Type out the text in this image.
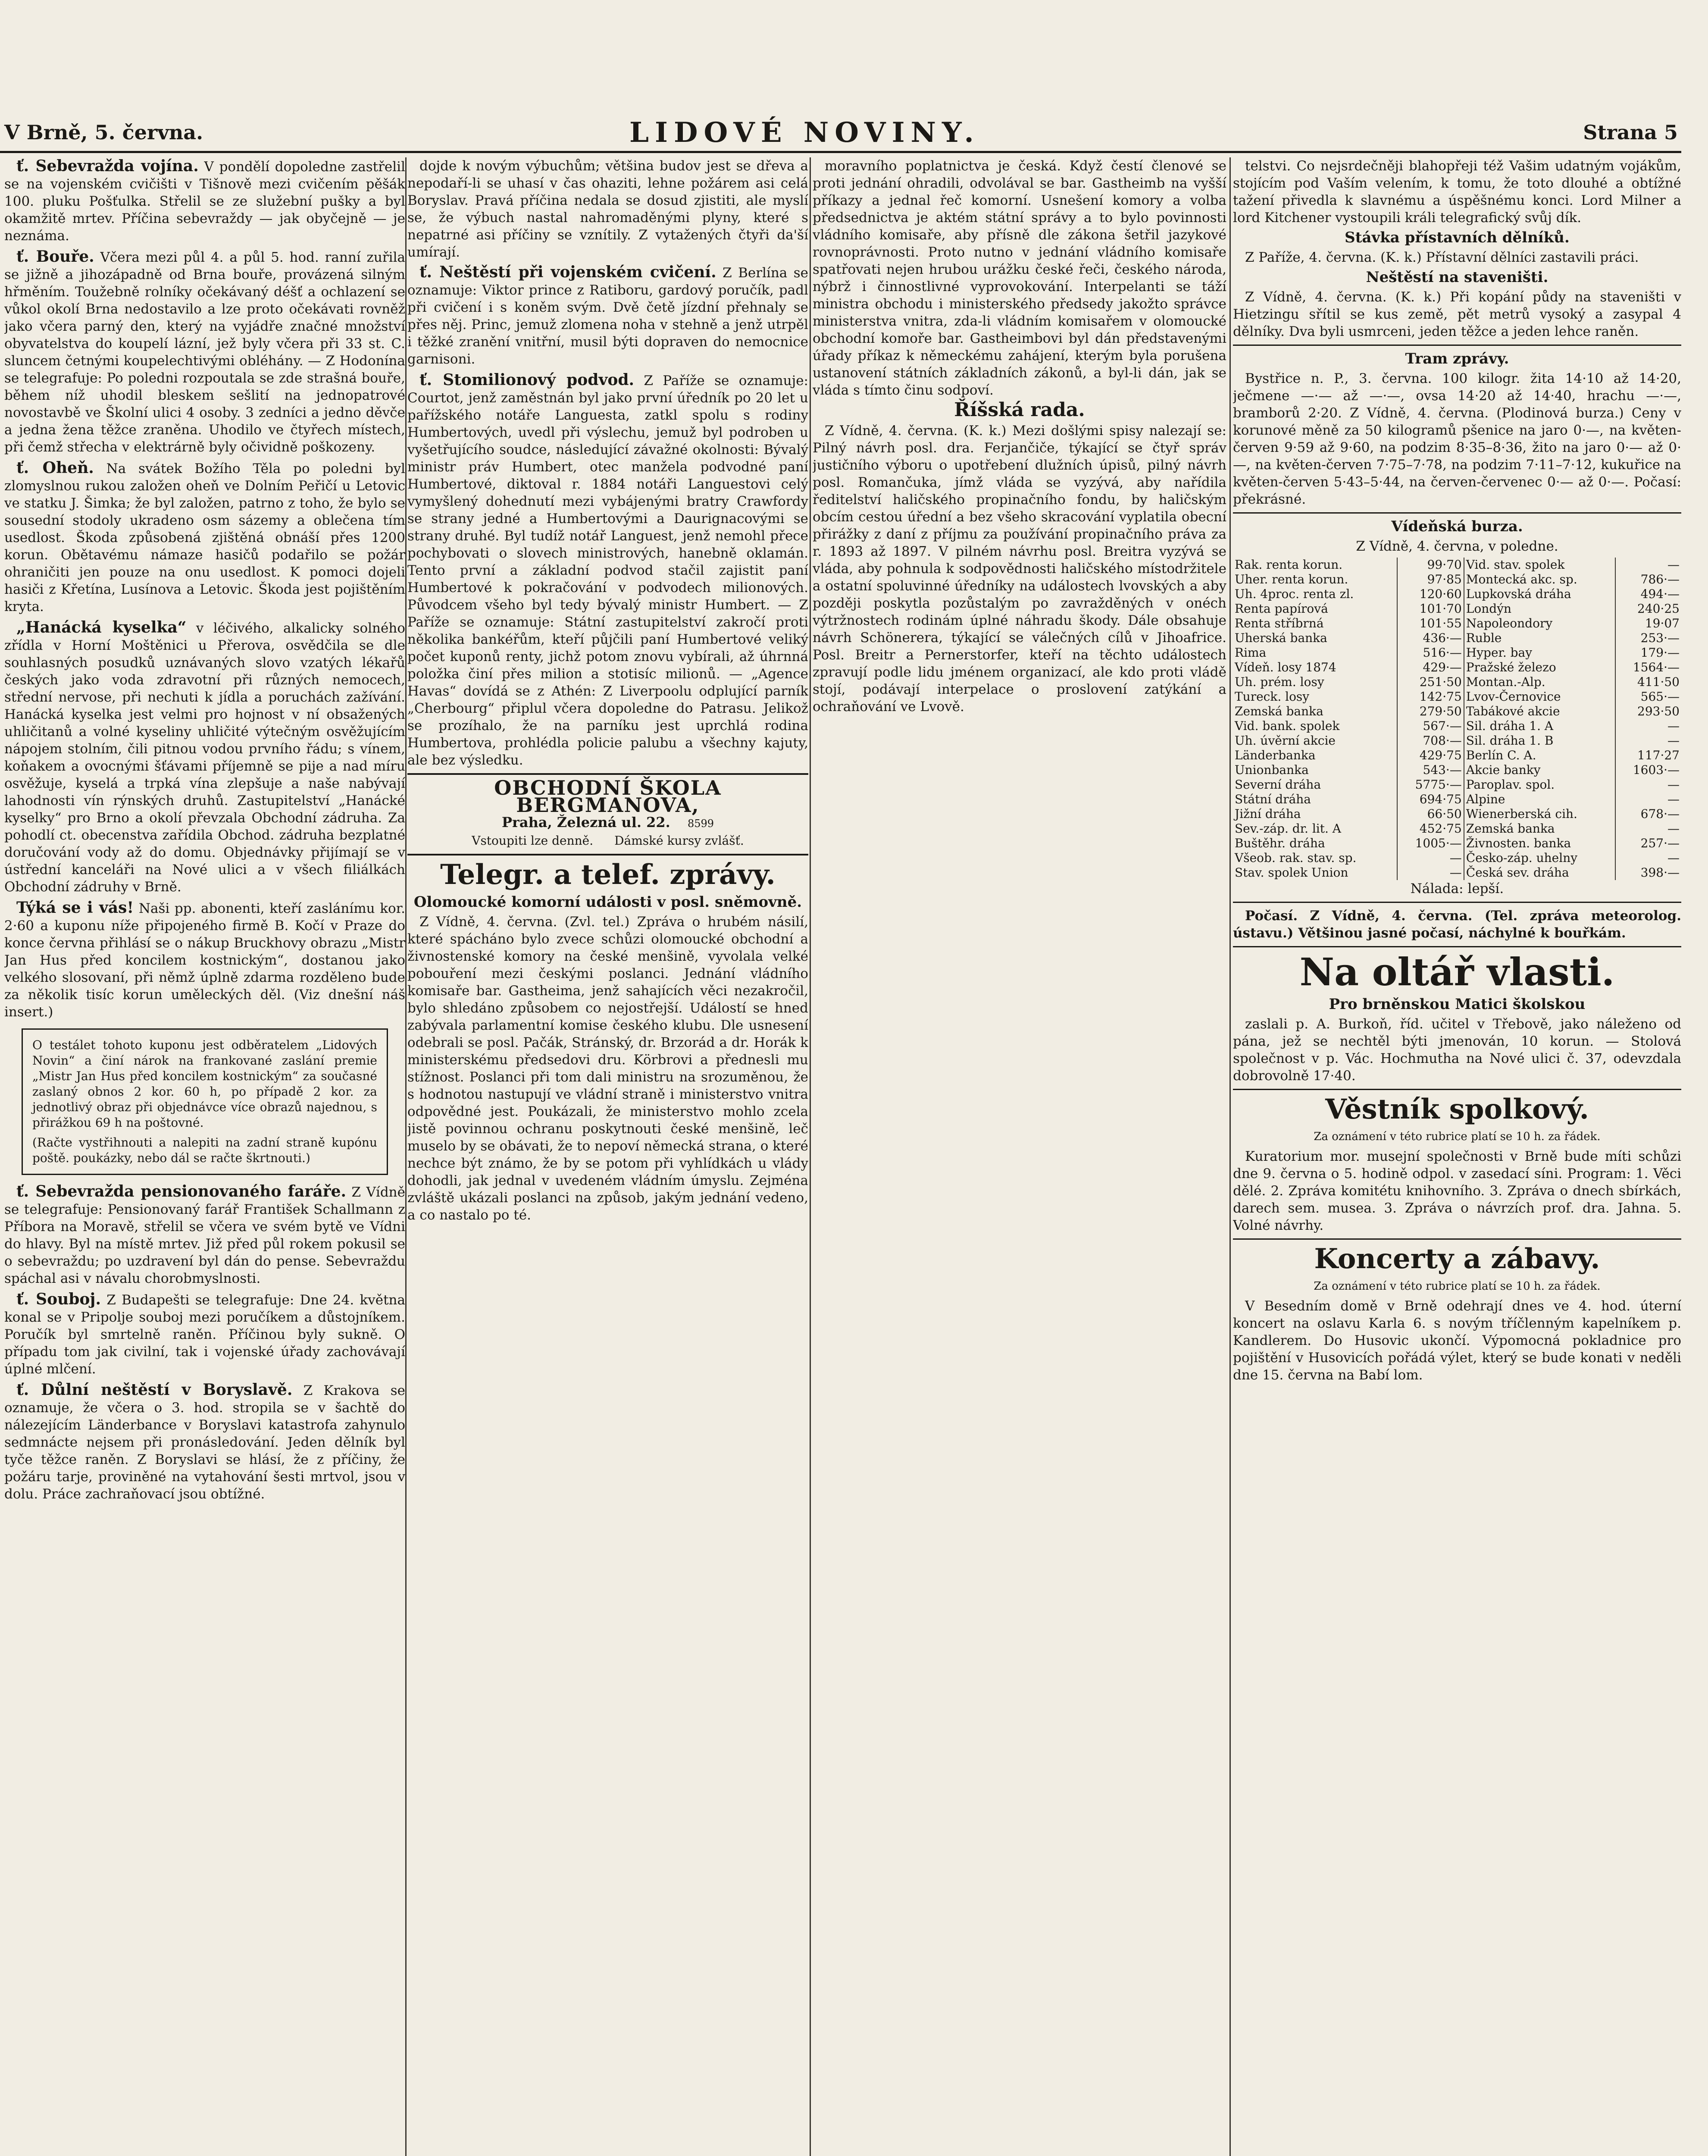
V Brně, 5. června.	LIDOVÉ NOVINY.	Strana 5

ť. Sebevražda vojína. V pondělí dopoledne zastřelil se na vojenském cvičišti v Tišnově mezi cvičením pěšák 100. pluku Pošťulka. Střelil se ze služební pušky a byl okamžitě mrtev. Příčina sebevraždy — jak obyčejně — je neznáma.

ť. Bouře. Včera mezi půl 4. a půl 5. hod. ranní zuřila se jižně a jihozápadně od Brna bouře, provázená silným hřměním. Toužebně rolníky očekávaný déšť a ochlazení se vůkol okolí Brna nedostavilo a lze proto očekávati rovněž jako včera parný den, který na vyjádře značné množství obyvatelstva do koupelí lázní, jež byly včera při 33 st. C. sluncem četnými koupelechtivými obléhány. — Z Hodonína se telegrafuje: Po poledni rozpoutala se zde strašná bouře, během níž uhodil bleskem sešlití na jednopatrové novostavbě ve Školní ulici 4 osoby. 3 zedníci a jedno děvče a jedna žena těžce zraněna. Uhodilo ve čtyřech místech, při čemž střecha v elektrárně byly očividně poškozeny.

ť. Oheň. Na svátek Božího Těla po poledni byl zlomyslnou rukou založen oheň ve Dolním Peřičí u Letovic ve statku J. Šimka; že byl založen, patrno z toho, že bylo se sousední stodoly ukradeno osm sázemy a oblečena tím usedlost. Škoda způsobená zjištěná obnáší přes 1200 korun. Obětavému námaze hasičů podařilo se požár ohraničiti jen pouze na onu usedlost. K pomoci dojeli hasiči z Křetína, Lusínova a Letovic. Škoda jest pojištěním kryta.

„Hanácká kyselka“ v léčivého, alkalicky solného zřídla v Horní Moštěnici u Přerova, osvědčila se dle souhlasných posudků uznávaných slovo vzatých lékařů českých jako voda zdravotní při různých nemocech, střední nervose, při nechuti k jídla a poruchách zažívání. Hanácká kyselka jest velmi pro hojnost v ní obsažených uhličitanů a volné kyseliny uhličité výtečným osvěžujícím nápojem stolním, čili pitnou vodou prvního řádu; s vínem, koňakem a ovocnými šťávami příjemně se pije a nad míru osvěžuje, kyselá a trpká vína zlepšuje a naše nabývají lahodnosti vín rýnských druhů. Zastupitelství „Hanácké kyselky“ pro Brno a okolí převzala Obchodní zádruha. Za pohodlí ct. obecenstva zařídila Obchod. zádruha bezplatné doručování vody až do domu. Objednávky přijímají se v ústřední kanceláři na Nové ulici a v všech filiálkách Obchodní zádruhy v Brně.

Týká se i vás! Naši pp. abonenti, kteří zaslánímu kor. 2·60 a kuponu níže připojeného firmě B. Kočí v Praze do konce června přihlásí se o nákup Bruckhovy obrazu „Mistr Jan Hus před koncilem kostnickým“, dostanou jako velkého slosovaní, při němž úplně zdarma rozděleno bude za několik tisíc korun uměleckých děl. (Viz dnešní náš insert.)

O testálet tohoto kuponu jest odběratelem „Lidových Novin“ a činí nárok na frankované zaslání premie „Mistr Jan Hus před koncilem kostnickým“ za současné zaslaný obnos 2 kor. 60 h, po případě 2 kor. za jednotlivý obraz při objednávce více obrazů najednou, s přirážkou 69 h na poštovné.
(Račte vystřihnouti a nalepiti na zadní straně kupónu poště. poukázky, nebo dál se račte škrtnouti.)

ť. Sebevražda pensionovaného faráře. Z Vídně se telegrafuje: Pensionovaný farář František Schallmann z Příbora na Moravě, střelil se včera ve svém bytě ve Vídni do hlavy. Byl na místě mrtev. Již před půl rokem pokusil se o sebevraždu; po uzdravení byl dán do pense. Sebevraždu spáchal asi v návalu chorobmyslnosti.

ť. Souboj. Z Budapešti se telegrafuje: Dne 24. května konal se v Pripolje souboj mezi poručíkem a důstojníkem. Poručík byl smrtelně raněn. Příčinou byly sukně. O případu tom jak civilní, tak i vojenské úřady zachovávají úplné mlčení.

ť. Důlní neštěstí v Boryslavě. Z Krakova se oznamuje, že včera o 3. hod. stropila se v šachtě do nálezejícím Länderbance v Boryslavi katastrofa zahynulo sedmnácte nejsem při pronásledování. Jeden dělník byl tyče těžce raněn. Z Boryslavi se hlásí, že z příčiny, že požáru tarje, proviněné na vytahování šesti mrtvol, jsou v dolu. Práce zachraňovací jsou obtížné.

dojde k novým výbuchům; většina budov jest se dřeva a nepodaří-li se uhasí v čas ohaziti, lehne požárem asi celá Boryslav. Pravá příčina nedala se dosud zjistiti, ale myslí se, že výbuch nastal nahromaděnými plyny, které s nepatrné asi příčiny se vznítily. Z vytažených čtyři da'ší umírají.

ť. Neštěstí při vojenském cvičení. Z Berlína se oznamuje: Viktor prince z Ratiboru, gardový poručík, padl při cvičení i s koněm svým. Dvě četě jízdní přehnaly se přes něj. Princ, jemuž zlomena noha v stehně a jenž utrpěl i těžké zranění vnitřní, musil býti dopraven do nemocnice garnisoni.

ť. Stomilionový podvod. Z Paříže se oznamuje: Courtot, jenž zaměstnán byl jako první úředník po 20 let u pařížského notáře Languesta, zatkl spolu s rodiny Humbertových, uvedl při výslechu, jemuž byl podroben u vyšetřujícího soudce, následující závažné okolnosti: Bývalý ministr práv Humbert, otec manžela podvodné paní Humbertové, diktoval r. 1884 notáři Languestovi celý vymyšlený dohednutí mezi vybájenými bratry Crawfordy se strany jedné a Humbertovými a Daurignacovými se strany druhé. Byl tudíž notář Languest, jenž nemohl přece pochybovati o slovech ministrových, hanebně oklamán. Tento první a základní podvod stačil zajistit paní Humbertové k pokračování v podvodech milionových. Původcem všeho byl tedy bývalý ministr Humbert. — Z Paříže se oznamuje: Státní zastupitelství zakročí proti několika bankéřům, kteří půjčili paní Humbertové veliký počet kuponů renty, jichž potom znovu vybírali, až úhrnná položka činí přes milion a stotisíc milionů. — „Agence Havas“ dovídá se z Athén: Z Liverpoolu odplující parník „Cherbourg“ připlul včera dopoledne do Patrasu. Jelikož se prozíhalo, že na parníku jest uprchlá rodina Humbertova, prohlédla policie palubu a všechny kajuty, ale bez výsledku.

OBCHODNÍ ŠKOLA BERGMANOVA,
Praha, Železná ul. 22. 8599
Vstoupiti lze denně. Dámské kursy zvlášť.
Telegr. a telef. zprávy.
Olomoucké komorní události v posl. sněmovně.

Z Vídně, 4. června. (Zvl. tel.) Zpráva o hrubém násilí, které spácháno bylo zvece schůzi olomoucké obchodní a živnostenské komory na české menšině, vyvolala velké pobouření mezi českými poslanci. Jednání vládního komisaře bar. Gastheima, jenž sahajících věci nezakročil, bylo shledáno způsobem co nejostřejší. Událostí se hned zabývala parlamentní komise českého klubu. Dle usnesení odebrali se posl. Pačák, Stránský, dr. Brzorád a dr. Horák k ministerskému předsedovi dru. Körbrovi a přednesli mu stížnost. Poslanci při tom dali ministru na srozuměnou, že s hodnotou nastupují ve vládní straně i ministerstvo vnitra odpovědné jest. Poukázali, že ministerstvo mohlo zcela jistě povinnou ochranu poskytnouti české menšině, leč muselo by se obávati, že to nepoví německá strana, o které nechce být známo, že by se potom při vyhlídkách u vlády dohodli, jak jednal v uvedeném vládním úmyslu. Zejména zvláště ukázali poslanci na způsob, jakým jednání vedeno, a co nastalo po té.

moravního poplatnictva je česká. Když čestí členové se proti jednání ohradili, odvolával se bar. Gastheimb na vyšší příkazy a jednal řeč komorní. Usnešení komory a volba předsednictva je aktém státní správy a to bylo povinnosti vládního komisaře, aby přísně dle zákona šetřil jazykové rovnoprávnosti. Proto nutno v jednání vládního komisaře spatřovati nejen hrubou urážku české řeči, českého národa, nýbrž i činnostlivné vyprovokování. Interpelanti se táží ministra obchodu i ministerského předsedy jakožto správce ministerstva vnitra, zda-li vládním komisařem v olomoucké obchodní komoře bar. Gastheimbovi byl dán představenými úřady příkaz k německému zahájení, kterým byla porušena ustanovení státních základních zákonů, a byl-li dán, jak se vláda s tímto činu sodpoví.

Říšská rada.

Z Vídně, 4. června. (K. k.) Mezi došlými spisy nalezají se: Pilný návrh posl. dra. Ferjančiče, týkající se čtyř správ justičního výboru o upotřebení dlužních úpisů, pilný návrh posl. Romančuka, jímž vláda se vyzývá, aby nařídila ředitelství haličského propinačního fondu, by haličským obcím cestou úřední a bez všeho skracování vyplatila obecní přirážky z daní z příjmu za používání propinačního práva za r. 1893 až 1897. V pilném návrhu posl. Breitra vyzývá se vláda, aby pohnula k sodpovědnosti haličského místodržitele a ostatní spoluvinné úředníky na událostech lvovských a aby později poskytla pozůstalým po zavražděných v onéch výtržnostech rodinám úplné náhradu škody. Dále obsahuje návrh Schönerera, týkající se válečných cílů v Jihoafrice. Posl. Breitr a Pernerstorfer, kteří na těchto událostech zpravují podle lidu jménem organizací, ale kdo proti vládě stojí, podávají interpelace o proslovení zatýkání a ochraňování ve Lvově.

telstvi. Co nejsrdečněji blahopřeji též Vašim udatným vojákům, stojícím pod Vaším velením, k tomu, že toto dlouhé a obtížné tažení přivedla k slavnému a úspěšnému konci. Lord Milner a lord Kitchener vystoupili králi telegrafický svůj dík.

Stávka přístavních dělníků.

Z Paříže, 4. června. (K. k.) Přístavní dělníci zastavili práci.

Neštěstí na staveništi.

Z Vídně, 4. června. (K. k.) Při kopání půdy na staveništi v Hietzingu sřítil se kus země, pět metrů vysoký a zasypal 4 dělníky. Dva byli usmrceni, jeden těžce a jeden lehce raněn.

Tram zprávy.

Bystřice n. P., 3. června. 100 kilogr. žita 14·10 až 14·20, ječmene —·— až —·—, ovsa 14·20 až 14·40, hrachu —·—, bramborů 2·20. Z Vídně, 4. června. (Plodinová burza.) Ceny v korunové měně za 50 kilogramů pšenice na jaro 0·—, na květen-červen 9·59 až 9·60, na podzim 8·35–8·36, žito na jaro 0·— až 0·—, na květen-červen 7·75–7·78, na podzim 7·11–7·12, kukuřice na květen-červen 5·43–5·44, na červen-červenec 0·— až 0·—. Počasí: překrásné.

Vídeňská burza.

Z Vídně, 4. června, v poledne.

Rak. renta korun.	99·70	Vid. stav. spolek	—
Uher. renta korun.	97·85	Montecká akc. sp.	786·—
Uh. 4proc. renta zl.	120·60	Lupkovská dráha	494·—
Renta papírová	101·70	Londýn	240·25
Renta stříbrná	101·55	Napoleondory	19·07
Uherská banka	436·—	Ruble	253·—
Rima	516·—	Hyper. bay	179·—
Vídeň. losy 1874	429·—	Pražské železo	1564·—
Uh. prém. losy	251·50	Montan.-Alp.	411·50
Tureck. losy	142·75	Lvov-Černovice	565·—
Zemská banka	279·50	Tabákové akcie	293·50
Vid. bank. spolek	567·—	Sil. dráha 1. A	—
Uh. úvěrní akcie	708·—	Sil. dráha 1. B	—
Länderbanka	429·75	Berlín C. A.	117·27
Unionbanka	543·—	Akcie banky	1603·—
Severní dráha	5775·—	Paroplav. spol.	—
Státní dráha	694·75	Alpine	—
Jižní dráha	66·50	Wienerberská cih.	678·—
Sev.-záp. dr. lit. A	452·75	Zemská banka	—
Buštěhr. dráha	1005·—	Živnosten. banka	257·—
Všeob. rak. stav. sp.	—	Česko-záp. uhelny	—
Stav. spolek Union	—	Česká sev. dráha	398·—

Nálada: lepší.

Počasí. Z Vídně, 4. června. (Tel. zpráva meteorolog. ústavu.) Většinou jasné počasí, náchylné k bouřkám.

Na oltář vlasti.
Pro brněnskou Matici školskou

zaslali p. A. Burkoň, říd. učitel v Třebově, jako náleženo od pána, jež se nechtěl býti jmenován, 10 korun. — Stolová společnost v p. Vác. Hochmutha na Nové ulici č. 37, odevzdala dobrovolně 17·40.

Věstník spolkový.

Za oznámení v této rubrice platí se 10 h. za řádek.

Kuratorium mor. musejní společnosti v Brně bude míti schůzi dne 9. června o 5. hodině odpol. v zasedací síni. Program: 1. Věci dělé. 2. Zpráva komitétu knihovního. 3. Zpráva o dnech sbírkách, darech sem. musea. 3. Zpráva o návrzích prof. dra. Jahna. 5. Volné návrhy.

Koncerty a zábavy.

Za oznámení v této rubrice platí se 10 h. za řádek.

V Besedním domě v Brně odehrají dnes ve 4. hod. úterní koncert na oslavu Karla 6. s novým tříčlenným kapelníkem p. Kandlerem. Do Husovic ukončí. Výpomocná pokladnice pro pojištění v Husovicích pořádá výlet, který se bude konati v neděli dne 15. června na Babí lom.
